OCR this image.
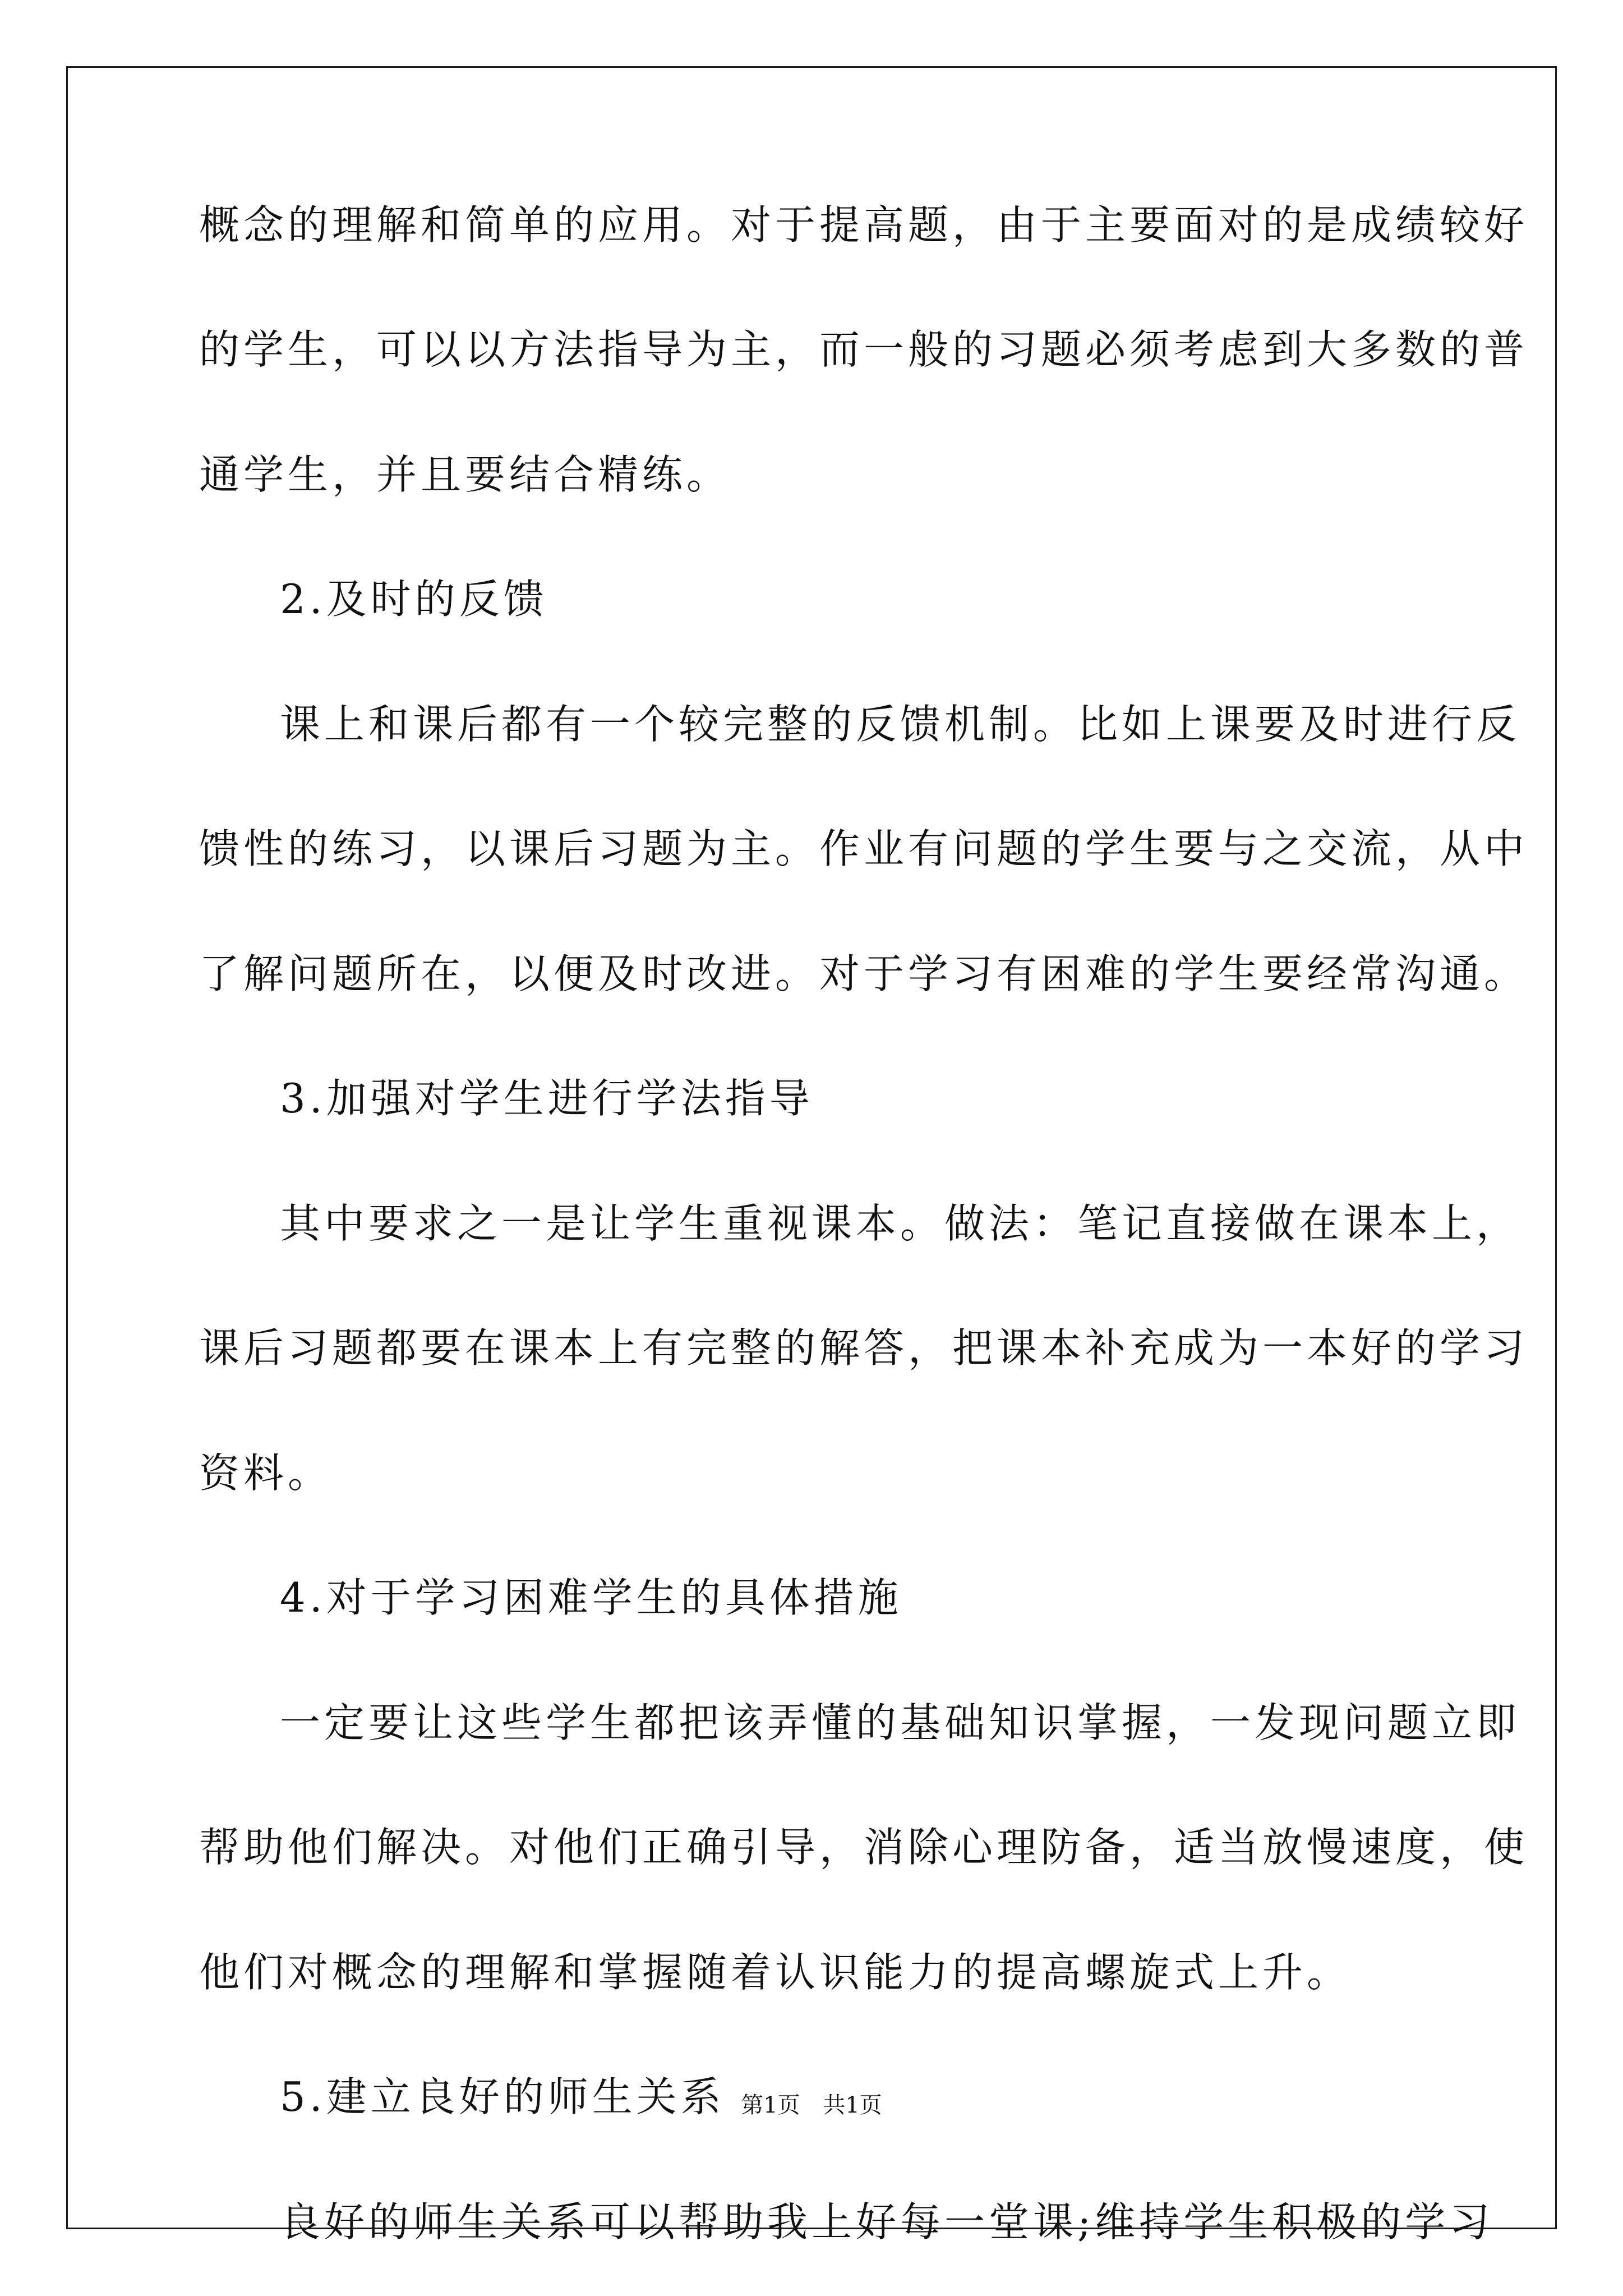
概念的理解和简单的应用。对于提高题，由于主要面对的是成绩较好
的学生，可以以方法指导为主，而一般的习题必须考虑到大多数的普
通学生，并且要结合精练。
2.及时的反馈
课上和课后都有一个较完整的反馈机制。比如上课要及时进行反
馈性的练习，以课后习题为主。作业有问题的学生要与之交流，从中
了解问题所在，以便及时改进。对于学习有困难的学生要经常沟通。
3.加强对学生进行学法指导
其中要求之一是让学生重视课本。做法：笔记直接做在课本上，
课后习题都要在课本上有完整的解答，把课本补充成为一本好的学习
资料。
4.对于学习困难学生的具体措施
一定要让这些学生都把该弄懂的基础知识掌握，一发现问题立即
帮助他们解决。对他们正确引导，消除心理防备，适当放慢速度，使
他们对概念的理解和掌握随着认识能力的提高螺旋式上升。
5.建立良好的师生关系
良好的师生关系可以帮助我上好每一堂课;维持学生积极的学习
第1页 共1页
